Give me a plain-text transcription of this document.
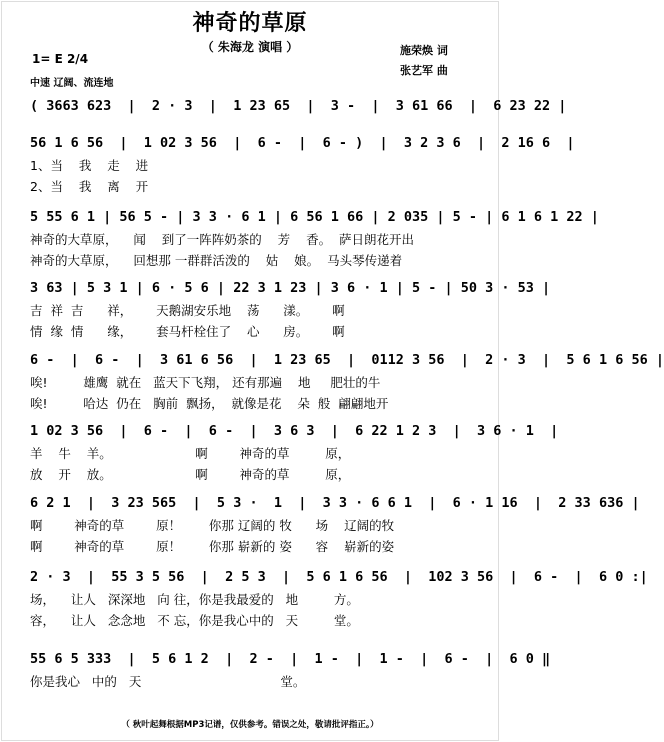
神奇的草原
（ 朱海龙 演唱 ）	施荣焕 词
张艺军 曲
1= E 2/4
中速 辽阔、流连地
( 3663 623  |  2 · 3  |  1 23 65  |  3 -  |  3 61 66  |  6 23 22 |
56 1 6 56  |  1 02 3 56  |  6 -  |  6 - )  |  3 2 3 6  |  2 16 6  |
1、当    我    走    进
2、当    我    离    开
5 55 6 1 | 56 5 - | 3 3 · 6 1 | 6 56 1 66 | 2 035 | 5 - | 6 1 6 1 22 |
神奇的大草原，    闻    到了一阵阵奶茶的    芳    香。  萨日朗花开出
神奇的大草原，    回想那 一群群活泼的    姑    娘。  马头琴传递着
3 63 | 5 3 1 | 6 · 5 6 | 22 3 1 23 | 3 6 · 1 | 5 - | 50 3 · 53 |
吉  祥  吉      祥，      天鹅湖安乐地    荡      漾。      啊
情  缘  情      缘，      套马杆栓住了    心      房。      啊
6 -  |  6 -  |  3 61 6 56  |  1 23 65  |  0112 3 56  |  2 · 3  |  5 6 1 6 56 |
唉!         雄鹰  就在   蓝天下飞翔， 还有那遍    地     肥壮的牛
唉!         哈达  仍在   胸前  飘扬，  就像是花    朵  般  翩翩地开
1 02 3 56  |  6 -  |  6 -  |  3 6 3  |  6 22 1 2 3  |  3 6 · 1  |
羊    牛    羊。                     啊        神奇的草         原，
放    开    放。                     啊        神奇的草         原，
6 2 1  |  3 23 565  |  5 3 ·  1  |  3 3 · 6 6 1  |  6 · 1 16  |  2 33 636 |
啊        神奇的草        原！       你那 辽阔的 牧      场    辽阔的牧
啊        神奇的草        原！       你那 崭新的 姿      容    崭新的姿
2 · 3  |  55 3 5 56  |  2 5 3  |  5 6 1 6 56  |  102 3 56  |  6 -  |  6 0 :|
场，    让人   深深地   向 往，你是我最爱的   地         方。
容，    让人   念念地   不 忘，你是我心中的   天         堂。
55 6 5 333  |  5 6 1 2  |  2 -  |  1 -  |  1 -  |  6 -  |  6 0 ‖
你是我心   中的   天                                   堂。
（ 秋叶起舞根据MP3记谱，仅供参考。错误之处，敬请批评指正。）
